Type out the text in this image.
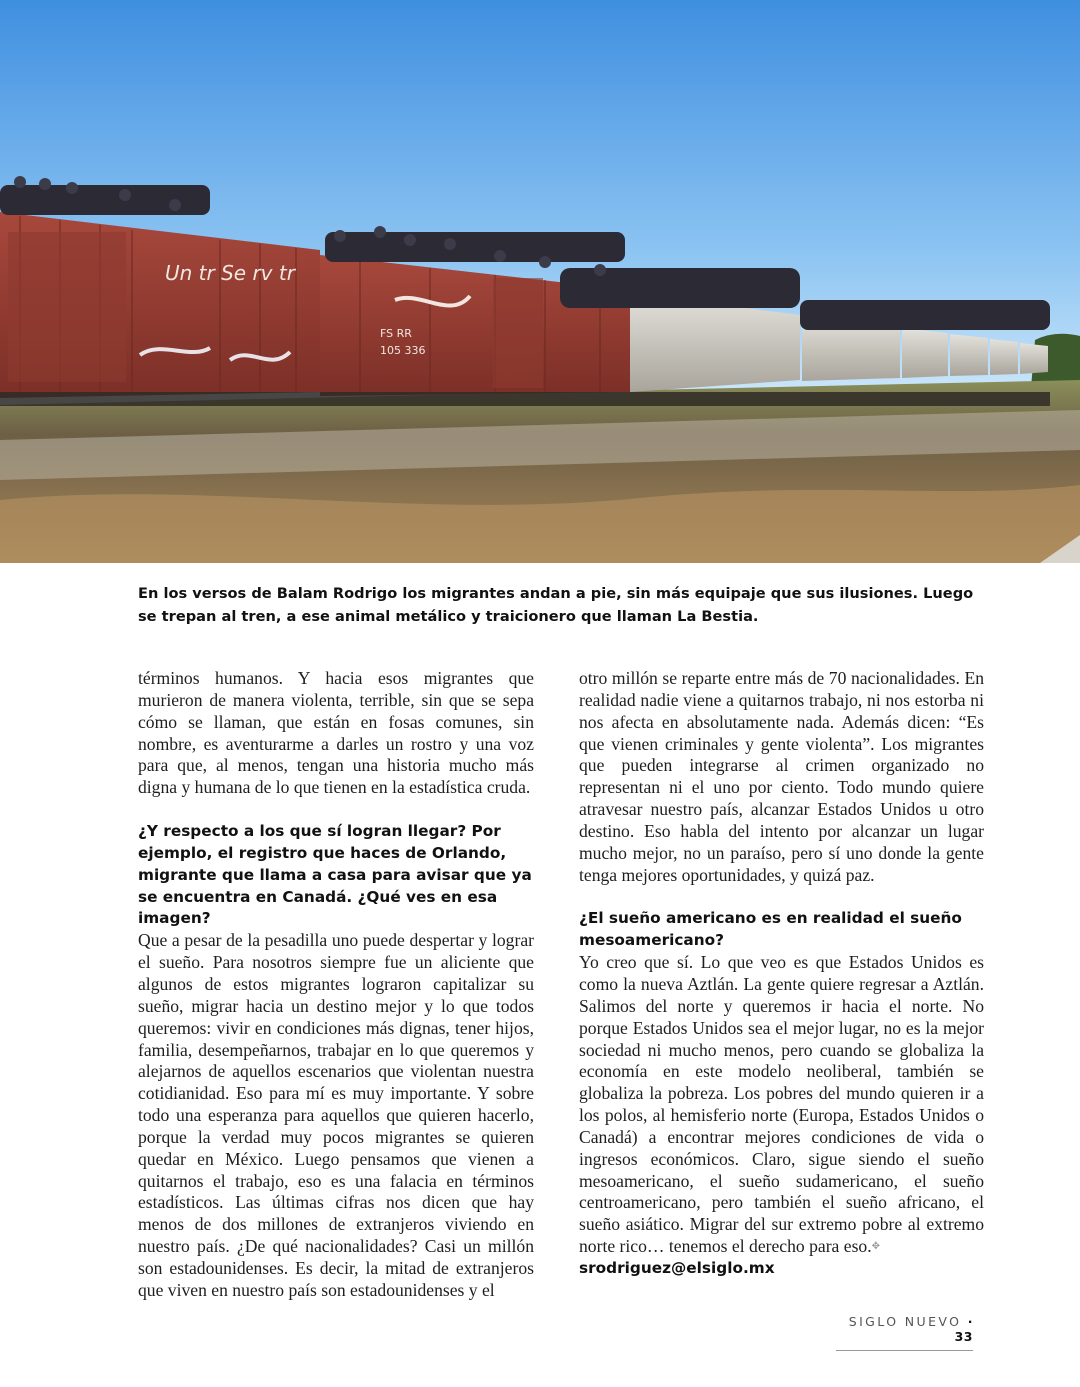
Un tr Se rv tr
FS RR
105 336

En los versos de Balam Rodrigo los migrantes andan a pie, sin más equipaje que sus ilusiones. Luego se trepan al tren, a ese animal metálico y traicionero que llaman La Bestia.

términos humanos. Y hacia esos migrantes que murieron de manera violenta, terrible, sin que se sepa cómo se llaman, que están en fosas comunes, sin nombre, es aventurarme a darles un rostro y una voz para que, al menos, tengan una historia mucho más digna y humana de lo que tienen en la estadística cruda.

¿Y respecto a los que sí logran llegar? Por ejemplo, el registro que haces de Orlando, migrante que llama a casa para avisar que ya se encuentra en Canadá. ¿Qué ves en esa imagen?

Que a pesar de la pesadilla uno puede despertar y lograr el sueño. Para nosotros siempre fue un aliciente que algunos de estos migrantes lograron capitalizar su sueño, migrar hacia un destino mejor y lo que todos queremos: vivir en condiciones más dignas, tener hijos, familia, desempeñarnos, trabajar en lo que queremos y alejarnos de aquellos escenarios que violentan nuestra cotidianidad. Eso para mí es muy importante. Y sobre todo una esperanza para aquellos que quieren hacerlo, porque la verdad muy pocos migrantes se quieren quedar en México. Luego pensamos que vienen a quitarnos el trabajo, eso es una falacia en términos estadísticos. Las últimas cifras nos dicen que hay menos de dos millones de extranjeros viviendo en nuestro país. ¿De qué nacionalidades? Casi un millón son estadounidenses. Es decir, la mitad de extranjeros que viven en nuestro país son estadounidenses y el

otro millón se reparte entre más de 70 nacionalidades. En realidad nadie viene a quitarnos trabajo, ni nos estorba ni nos afecta en absolutamente nada. Además dicen: “Es que vienen criminales y gente violenta”. Los migrantes que pueden integrarse al crimen organizado no representan ni el uno por ciento. Todo mundo quiere atravesar nuestro país, alcanzar Estados Unidos u otro destino. Eso habla del intento por alcanzar un lugar mucho mejor, no un paraíso, pero sí uno donde la gente tenga mejores oportunidades, y quizá paz.

¿El sueño americano es en realidad el sueño mesoamericano?

Yo creo que sí. Lo que veo es que Estados Unidos es como la nueva Aztlán. La gente quiere regresar a Aztlán. Salimos del norte y queremos ir hacia el norte. No porque Estados Unidos sea el mejor lugar, no es la mejor sociedad ni mucho menos, pero cuando se globaliza la economía en este modelo neoliberal, también se globaliza la pobreza. Los pobres del mundo quieren ir a los polos, al hemisferio norte (Europa, Estados Unidos o Canadá) a encontrar mejores condiciones de vida o ingresos económicos. Claro, sigue siendo el sueño mesoamericano, el sueño sudamericano, el sueño centroamericano, pero también el sueño africano, el sueño asiático. Migrar del sur extremo pobre al extremo norte rico… tenemos el derecho para eso.✥

srodriguez@elsiglo.mx
SIGLO NUEVO · 33
